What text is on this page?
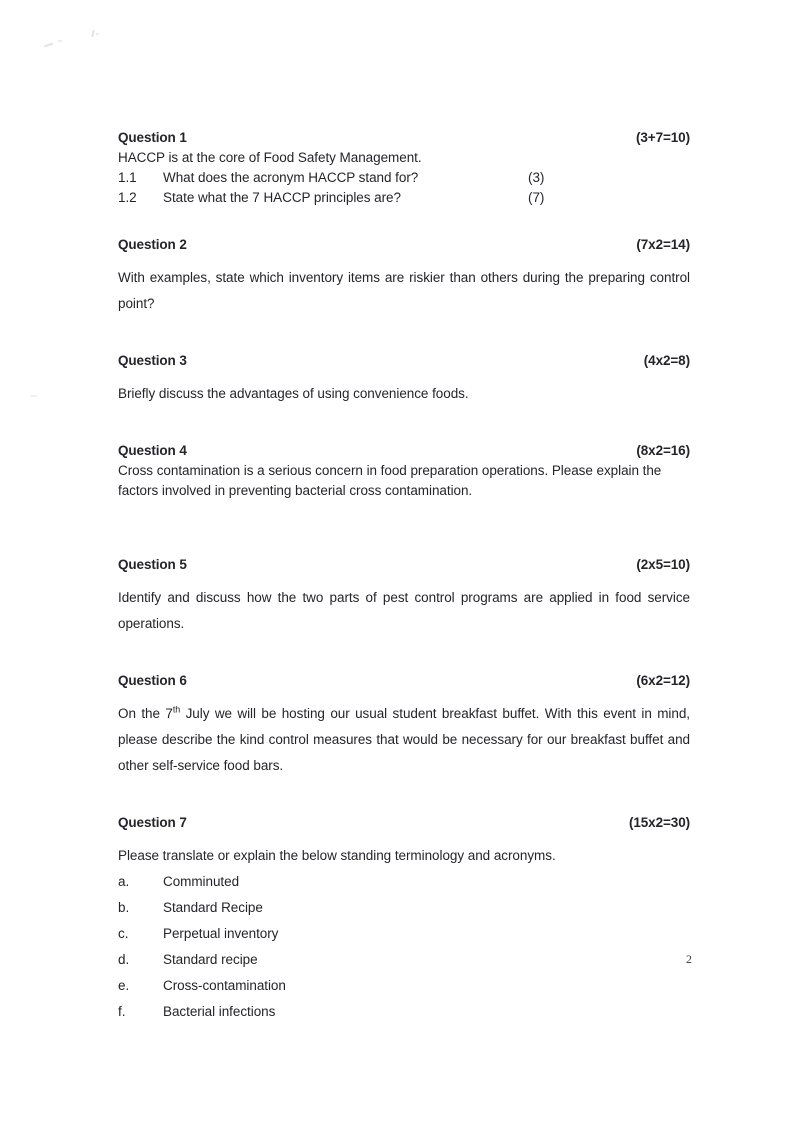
Question 1	(3+7=10)
HACCP is at the core of Food Safety Management.
1.1	What does the acronym HACCP stand for?	(3)
1.2	State what the 7 HACCP principles are?	(7)
Question 2	(7x2=14)
With examples, state which inventory items are riskier than others during the preparing control point?
Question 3	(4x2=8)
Briefly discuss the advantages of using convenience foods.
Question 4	(8x2=16)
Cross contamination is a serious concern in food preparation operations. Please explain the factors involved in preventing bacterial cross contamination.
Question 5	(2x5=10)
Identify and discuss how the two parts of pest control programs are applied in food service operations.
Question 6	(6x2=12)
On the 7th July we will be hosting our usual student breakfast buffet. With this event in mind, please describe the kind control measures that would be necessary for our breakfast buffet and other self-service food bars.
Question 7	(15x2=30)
Please translate or explain the below standing terminology and acronyms.
a.	Comminuted
b.	Standard Recipe
c.	Perpetual inventory
d.	Standard recipe
e.	Cross-contamination
f.	Bacterial infections
2
